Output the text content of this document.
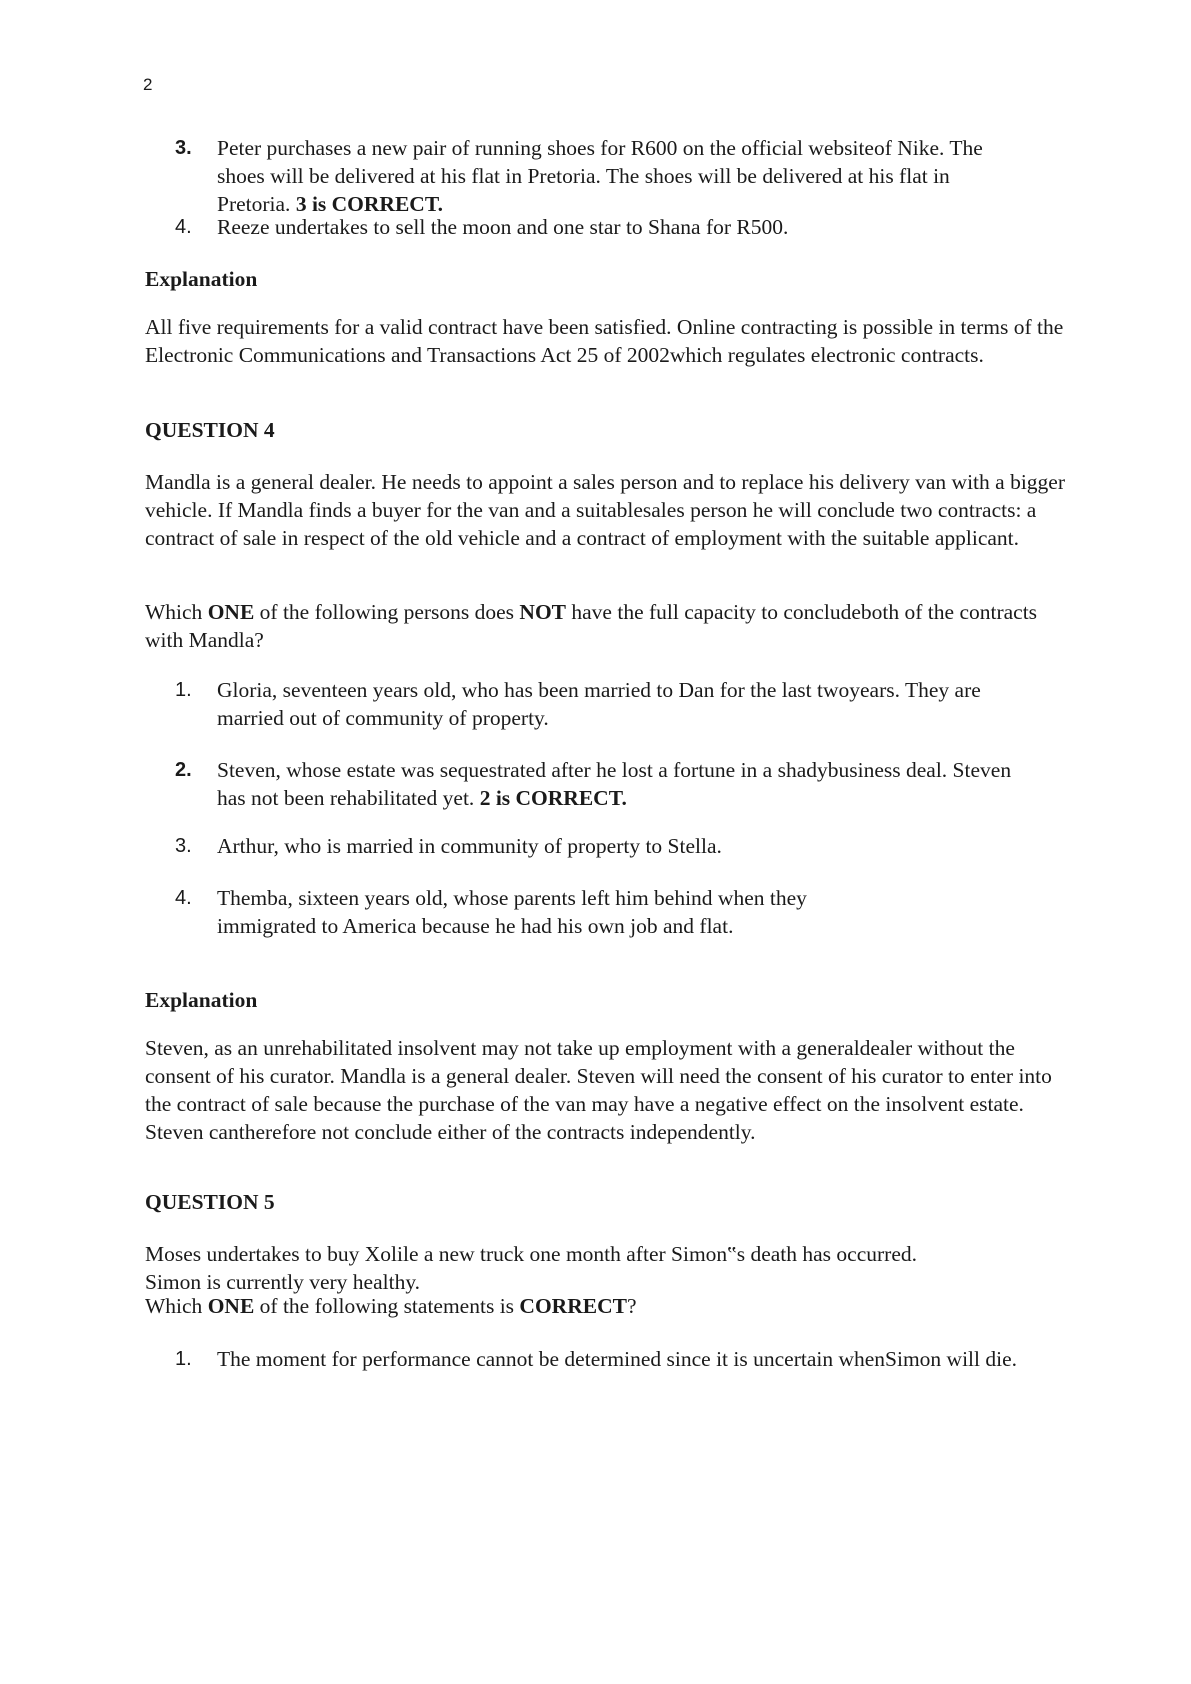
2
3.	Peter purchases a new pair of running shoes for R600 on the official websiteof Nike. The shoes will be delivered at his flat in Pretoria. The shoes will be delivered at his flat in Pretoria. 3 is CORRECT.
4.	Reeze undertakes to sell the moon and one star to Shana for R500.
Explanation
All five requirements for a valid contract have been satisfied. Online contracting is possible in terms of the Electronic Communications and Transactions Act 25 of 2002which regulates electronic contracts.
QUESTION 4
Mandla is a general dealer. He needs to appoint a sales person and to replace his delivery van with a bigger vehicle. If Mandla finds a buyer for the van and a suitablesales person he will conclude two contracts: a contract of sale in respect of the old vehicle and a contract of employment with the suitable applicant.
Which ONE of the following persons does NOT have the full capacity to concludeboth of the contracts with Mandla?
1.	Gloria, seventeen years old, who has been married to Dan for the last twoyears. They are married out of community of property.
2.	Steven, whose estate was sequestrated after he lost a fortune in a shadybusiness deal. Steven has not been rehabilitated yet. 2 is CORRECT.
3.	Arthur, who is married in community of property to Stella.
4.	Themba, sixteen years old, whose parents left him behind when they immigrated to America because he had his own job and flat.
Explanation
Steven, as an unrehabilitated insolvent may not take up employment with a generaldealer without the consent of his curator. Mandla is a general dealer. Steven will need the consent of his curator to enter into the contract of sale because the purchase of the van may have a negative effect on the insolvent estate. Steven cantherefore not conclude either of the contracts independently.
QUESTION 5
Moses undertakes to buy Xolile a new truck one month after Simon‟s death has occurred. Simon is currently very healthy.
Which ONE of the following statements is CORRECT?
1.	The moment for performance cannot be determined since it is uncertain whenSimon will die.
